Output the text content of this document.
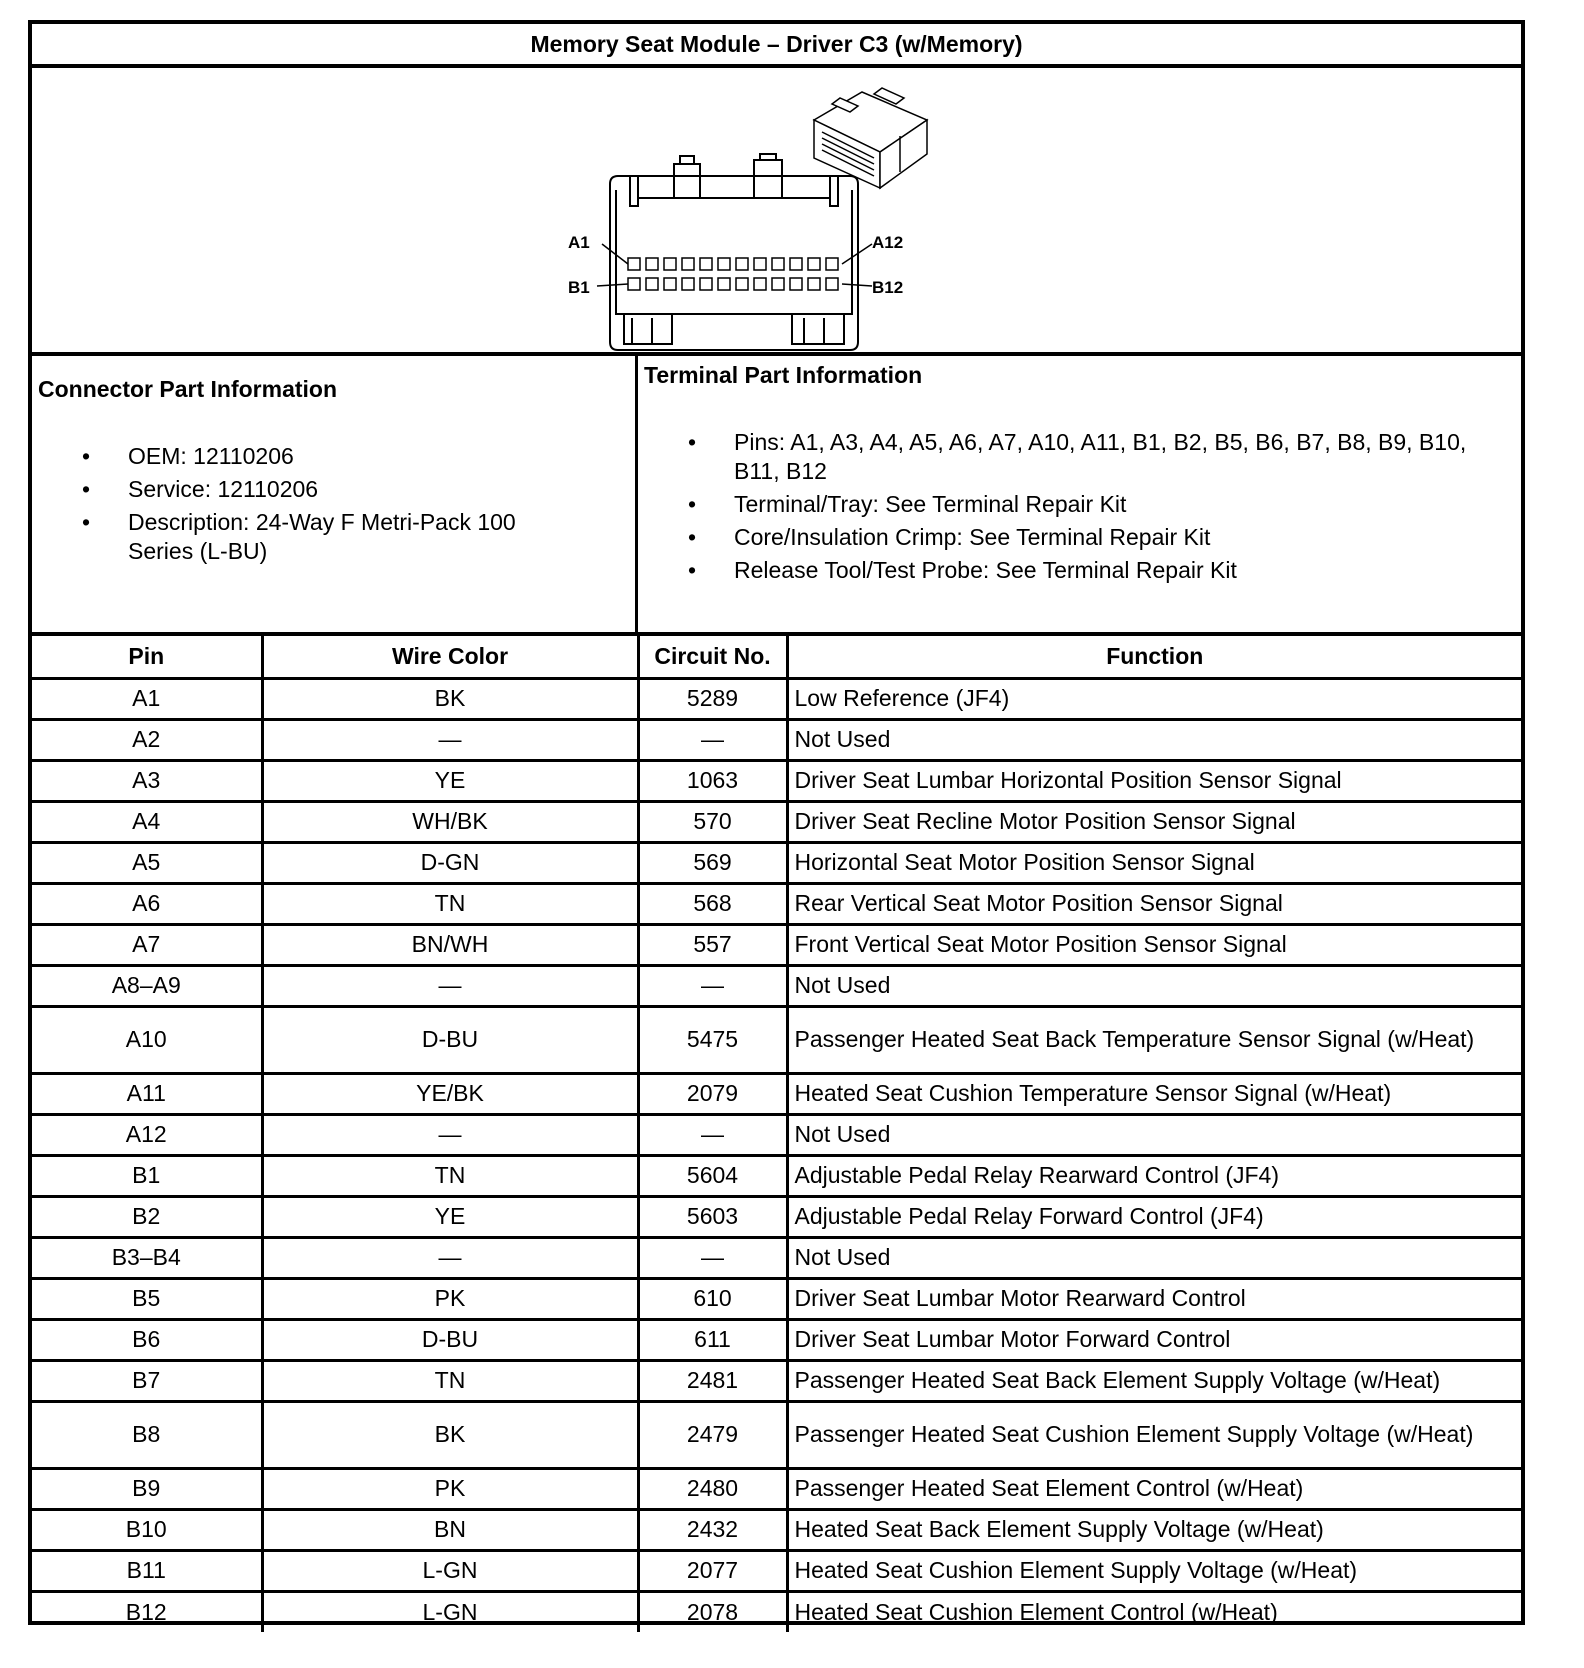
Memory Seat Module – Driver C3 (w/Memory)
A1	A12
B1	B12
Connector Part Information
• OEM: 12110206
• Service: 12110206
• Description: 24-Way F Metri-Pack 100 Series (L-BU)
Terminal Part Information
• Pins: A1, A3, A4, A5, A6, A7, A10, A11, B1, B2, B5, B6, B7, B8, B9, B10, B11, B12
• Terminal/Tray: See Terminal Repair Kit
• Core/Insulation Crimp: See Terminal Repair Kit
• Release Tool/Test Probe: See Terminal Repair Kit
Pin	Wire Color	Circuit No.	Function
A1	BK	5289	Low Reference (JF4)
A2	—	—	Not Used
A3	YE	1063	Driver Seat Lumbar Horizontal Position Sensor Signal
A4	WH/BK	570	Driver Seat Recline Motor Position Sensor Signal
A5	D-GN	569	Horizontal Seat Motor Position Sensor Signal
A6	TN	568	Rear Vertical Seat Motor Position Sensor Signal
A7	BN/WH	557	Front Vertical Seat Motor Position Sensor Signal
A8–A9	—	—	Not Used
A10	D-BU	5475	Passenger Heated Seat Back Temperature Sensor Signal (w/Heat)
A11	YE/BK	2079	Heated Seat Cushion Temperature Sensor Signal (w/Heat)
A12	—	—	Not Used
B1	TN	5604	Adjustable Pedal Relay Rearward Control (JF4)
B2	YE	5603	Adjustable Pedal Relay Forward Control (JF4)
B3–B4	—	—	Not Used
B5	PK	610	Driver Seat Lumbar Motor Rearward Control
B6	D-BU	611	Driver Seat Lumbar Motor Forward Control
B7	TN	2481	Passenger Heated Seat Back Element Supply Voltage (w/Heat)
B8	BK	2479	Passenger Heated Seat Cushion Element Supply Voltage (w/Heat)
B9	PK	2480	Passenger Heated Seat Element Control (w/Heat)
B10	BN	2432	Heated Seat Back Element Supply Voltage (w/Heat)
B11	L-GN	2077	Heated Seat Cushion Element Supply Voltage (w/Heat)
B12	L-GN	2078	Heated Seat Cushion Element Control (w/Heat)
